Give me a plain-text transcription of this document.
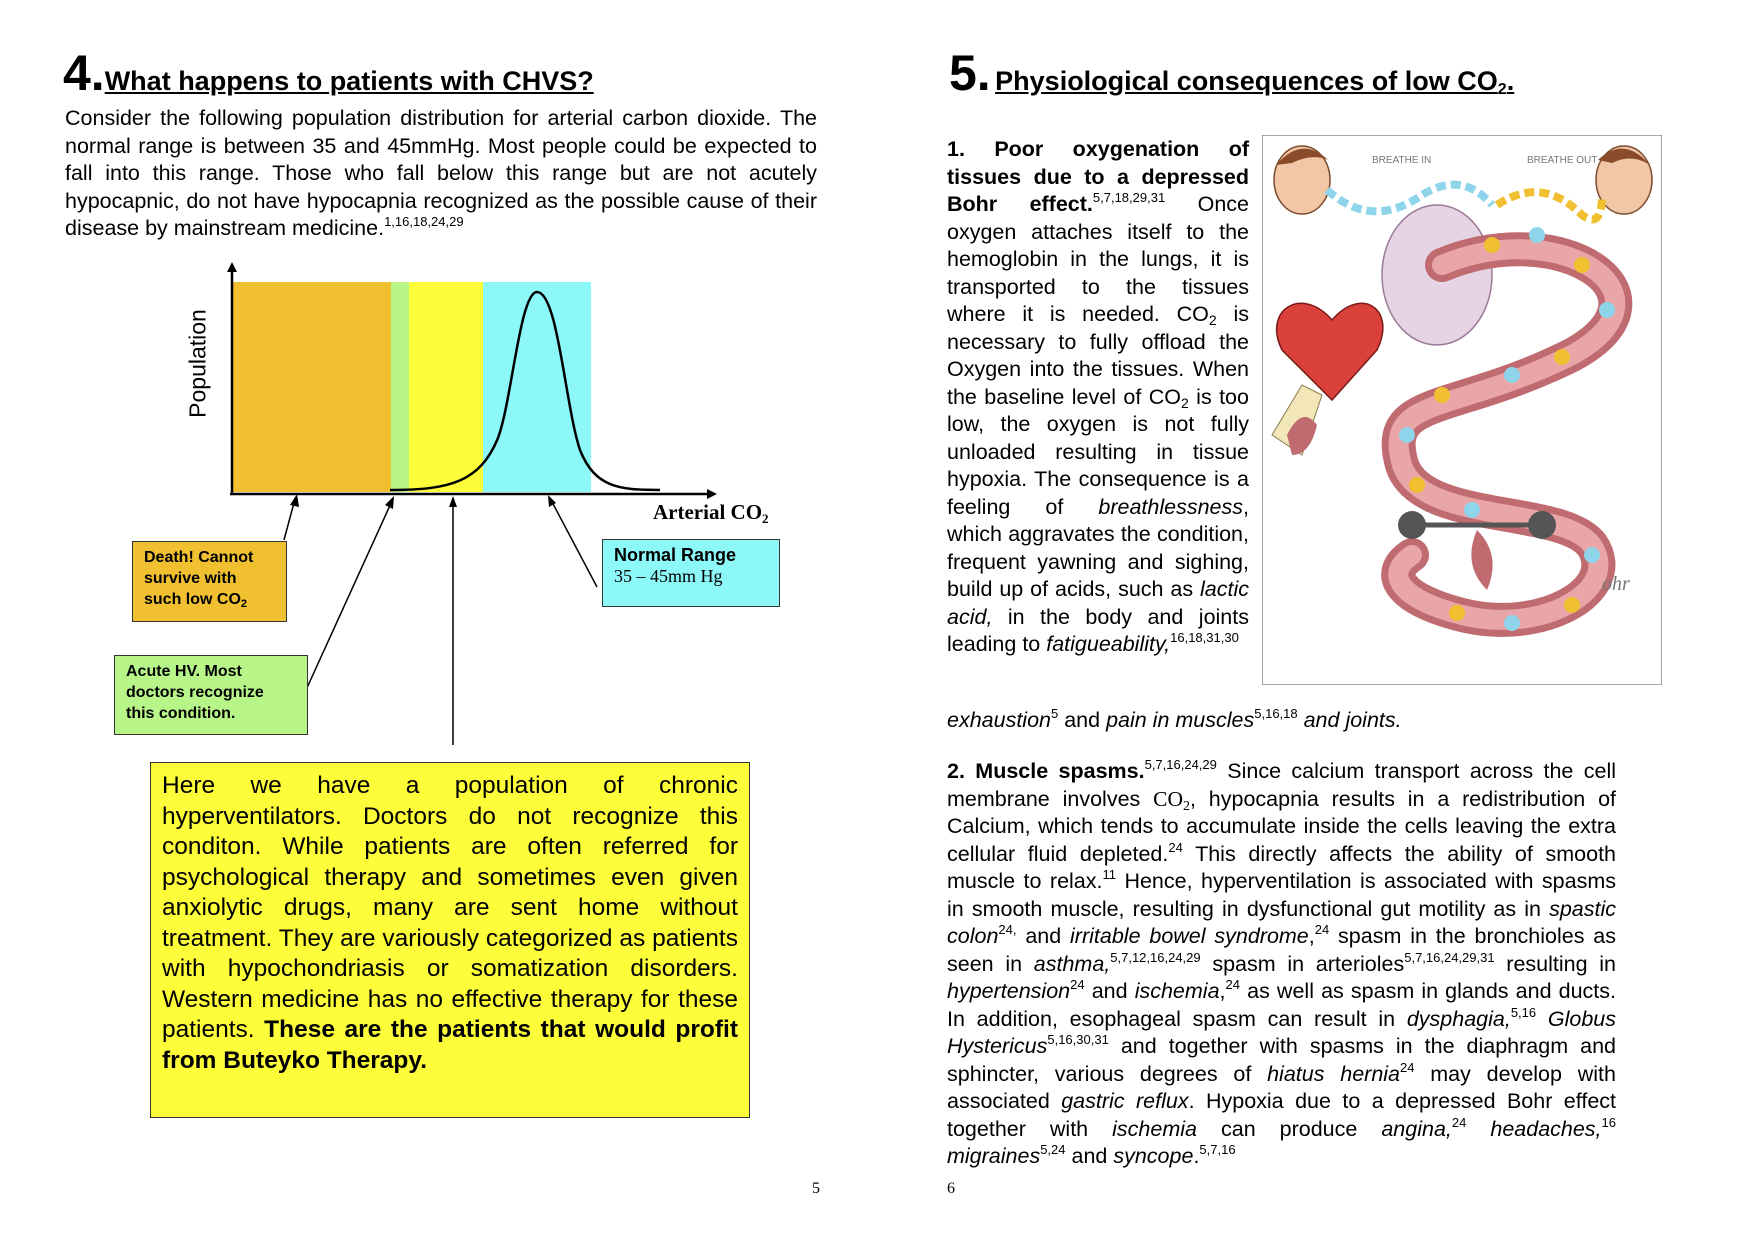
4.What happens to patients with CHVS?
Consider the following population distribution for arterial carbon dioxide. The normal range is between 35 and 45mmHg. Most people could be expected to fall into this range. Those who fall below this range but are not acutely hypocapnic, do not have hypocapnia recognized as the possible cause of their disease by mainstream medicine.$^{1,16,18,24,29}$
Population
Arterial $CO_2$
Death! Cannot
survive with
such low $CO_2$
Acute HV. Most
doctors recognize
this condition.
Normal Range
35 – 45mm Hg
Here we have a population of chronic hyperventilators. Doctors do not recognize this conditon. While patients are often referred for psychological therapy and sometimes even given anxiolytic drugs, many are sent home without treatment. They are variously categorized as patients with hypochondriasis or somatization disorders. Western medicine has no effective therapy for these patients. These are the patients that would profit from Buteyko Therapy.
5
5. Physiological consequences of low $CO_2$.
1. Poor oxygenation of tissues due to a depressed Bohr effect.$^{5,7,18,29,31}$ Once oxygen attaches itself to the hemoglobin in the lungs, it is transported to the tissues where it is needed. $CO_2$ is necessary to fully offload the Oxygen into the tissues. When the baseline level of $CO_2$ is too low, the oxygen is not fully unloaded resulting in tissue hypoxia. The consequence is a feeling of breathlessness, which aggravates the condition, frequent yawning and sighing, build up of acids, such as lactic acid, in the body and joints leading to fatigueability,$^{16,18,31,30}$
exhaustion$^5$ and pain in muscles$^{5,16,18}$ and joints.
BREATHE IN	BREATHE OUT
ohr
2. Muscle spasms.$^{5,7,16,24,29}$ Since calcium transport across the cell membrane involves $CO_2$, hypocapnia results in a redistribution of Calcium, which tends to accumulate inside the cells leaving the extra cellular fluid depleted.$^{24}$ This directly affects the ability of smooth muscle to relax.$^{11}$ Hence, hyperventilation is associated with spasms in smooth muscle, resulting in dysfunctional gut motility as in spastic colon$^{24,}$ and irritable bowel syndrome,$^{24}$ spasm in the bronchioles as seen in asthma,$^{5,7,12,16,24,29}$ spasm in arterioles$^{5,7,16,24,29,31}$ resulting in hypertension$^{24}$ and ischemia,$^{24}$ as well as spasm in glands and ducts. In addition, esophageal spasm can result in dysphagia,$^{5,16}$ Globus Hystericus$^{5,16,30,31}$ and together with spasms in the diaphragm and sphincter, various degrees of hiatus hernia$^{24}$ may develop with associated gastric reflux. Hypoxia due to a depressed Bohr effect together with ischemia can produce angina,$^{24}$ headaches,$^{16}$ migraines$^{5,24}$ and syncope.$^{5,7,16}$
6
